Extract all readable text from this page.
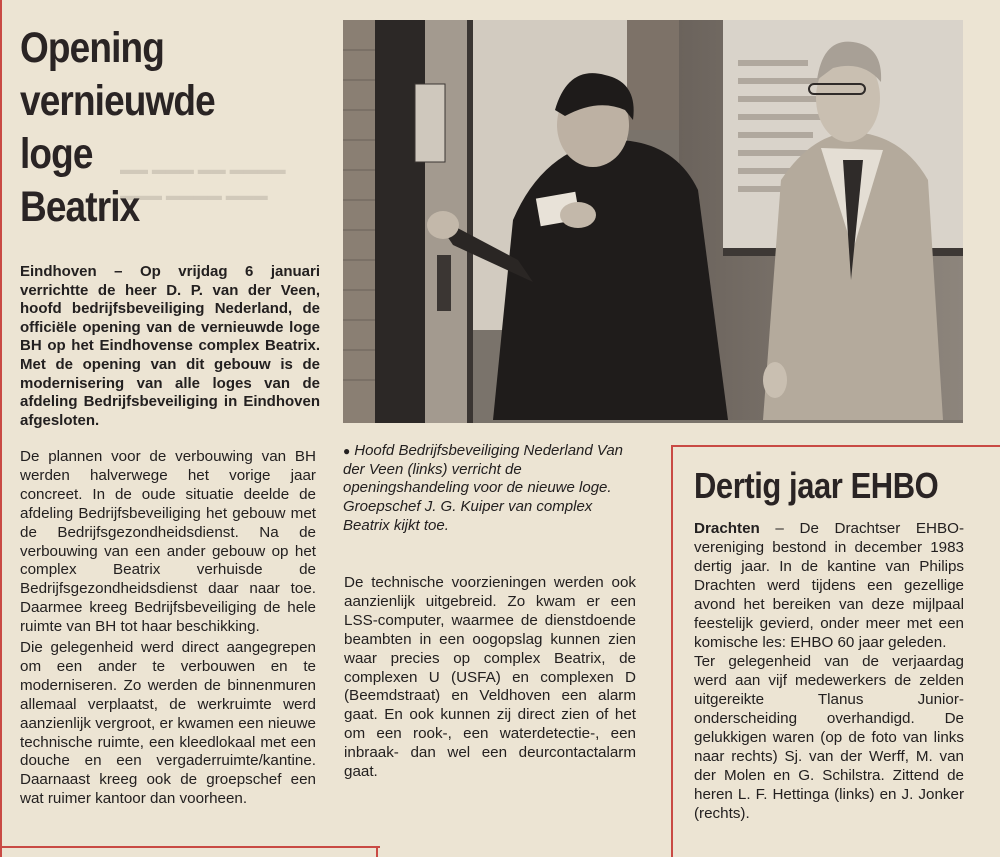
▬▬ ▬▬▬ ▬▬ ▬▬▬▬
▬▬▬ ▬▬▬▬ ▬▬▬
Opening
vernieuwde
loge
Beatrix

Eindhoven – Op vrijdag 6 januari verrichtte de heer D. P. van der Veen, hoofd bedrijfsbeveiliging Nederland, de officiële opening van de vernieuwde loge BH op het Eindhovense complex Beatrix. Met de opening van dit gebouw is de modernisering van alle loges van de afdeling Bedrijfsbeveiliging in Eindhoven afgesloten.

De plannen voor de verbouwing van BH werden halverwege het vorige jaar concreet. In de oude situatie deelde de afdeling Bedrijfsbeveiliging het gebouw met de Bedrijfsgezondheidsdienst. Na de verbouwing van een ander gebouw op het complex Beatrix verhuisde de Bedrijfsgezondheidsdienst daar naar toe. Daarmee kreeg Bedrijfsbeveiliging de hele ruimte van BH tot haar beschikking.

Die gelegenheid werd direct aangegrepen om een ander te verbouwen en te moderniseren. Zo werden de binnenmuren allemaal verplaatst, de werkruimte werd aanzienlijk vergroot, er kwamen een nieuwe technische ruimte, een kleedlokaal met een douche en een vergaderruimte/kantine. Daarnaast kreeg ook de groepschef een wat ruimer kantoor dan voorheen.

● Hoofd Bedrijfsbeveiliging Nederland Van der Veen (links) verricht de openingshandeling voor de nieuwe loge. Groepschef J. G. Kuiper van complex Beatrix kijkt toe.

De technische voorzieningen werden ook aanzienlijk uitgebreid. Zo kwam er een LSS-computer, waarmee de dienstdoende beambten in een oogopslag kunnen zien waar precies op complex Beatrix, de complexen U (USFA) en complexen D (Beemdstraat) en Veldhoven een alarm gaat. En ook kunnen zij direct zien of het om een rook-, een waterdetectie-, een inbraak- dan wel een deurcontactalarm gaat.

Dertig jaar EHBO
Drachten – De Drachtser EHBO-vereniging bestond in december 1983 dertig jaar. In de kantine van Philips Drachten werd tijdens een gezellige avond het bereiken van deze mijlpaal feestelijk gevierd, onder meer met een komische les: EHBO 60 jaar geleden.
Ter gelegenheid van de verjaardag werd aan vijf medewerkers de zelden uitgereikte Tlanus Junior-onderscheiding overhandigd. De gelukkigen waren (op de foto van links naar rechts) Sj. van der Werff, M. van der Molen en G. Schilstra. Zittend de heren L. F. Hettinga (links) en J. Jonker (rechts).
